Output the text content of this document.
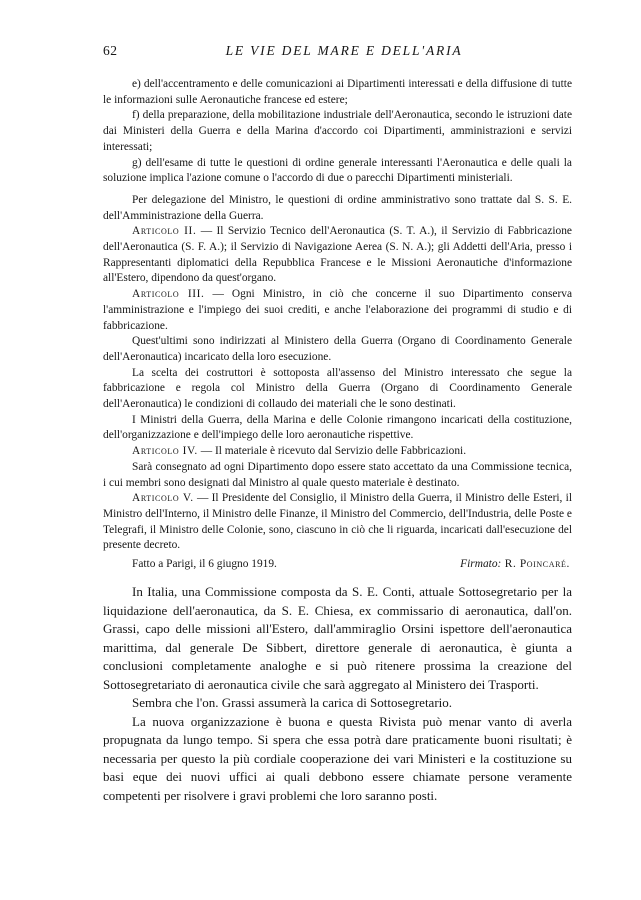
62	LE VIE DEL MARE E DELL'ARIA

e) dell'accentramento e delle comunicazioni ai Dipartimenti interessati e della diffusione di tutte le informazioni sulle Aeronautiche francese ed estere;

f) della preparazione, della mobilitazione industriale dell'Aeronautica, secondo le istruzioni date dai Ministeri della Guerra e della Marina d'accordo coi Dipartimenti, amministrazioni e servizi interessati;

g) dell'esame di tutte le questioni di ordine generale interessanti l'Aeronautica e delle quali la soluzione implica l'azione comune o l'accordo di due o parecchi Dipartimenti ministeriali.

Per delegazione del Ministro, le questioni di ordine amministrativo sono trattate dal S. S. E. dell'Amministrazione della Guerra.

Articolo II. — Il Servizio Tecnico dell'Aeronautica (S. T. A.), il Servizio di Fabbricazione dell'Aeronautica (S. F. A.); il Servizio di Navigazione Aerea (S. N. A.); gli Addetti dell'Aria, presso i Rappresentanti diplomatici della Repubblica Francese e le Missioni Aeronautiche d'informazione all'Estero, dipendono da quest'organo.

Articolo III. — Ogni Ministro, in ciò che concerne il suo Dipartimento conserva l'amministrazione e l'impiego dei suoi crediti, e anche l'elaborazione dei programmi di studio e di fabbricazione.

Quest'ultimi sono indirizzati al Ministero della Guerra (Organo di Coordinamento Generale dell'Aeronautica) incaricato della loro esecuzione.

La scelta dei costruttori è sottoposta all'assenso del Ministro interessato che segue la fabbricazione e regola col Ministro della Guerra (Organo di Coordinamento Generale dell'Aeronautica) le condizioni di collaudo dei materiali che le sono destinati.

I Ministri della Guerra, della Marina e delle Colonie rimangono incaricati della costituzione, dell'organizzazione e dell'impiego delle loro aeronautiche rispettive.

Articolo IV. — Il materiale è ricevuto dal Servizio delle Fabbricazioni.

Sarà consegnato ad ogni Dipartimento dopo essere stato accettato da una Commissione tecnica, i cui membri sono designati dal Ministro al quale questo materiale è destinato.

Articolo V. — Il Presidente del Consiglio, il Ministro della Guerra, il Ministro delle Esteri, il Ministro dell'Interno, il Ministro delle Finanze, il Ministro del Commercio, dell'Industria, delle Poste e Telegrafi, il Ministro delle Colonie, sono, ciascuno in ciò che li riguarda, incaricati dall'esecuzione del presente decreto.

Fatto a Parigi, il 6 giugno 1919.	Firmato: R. Poincaré.

In Italia, una Commissione composta da S. E. Conti, attuale Sottosegretario per la liquidazione dell'aeronautica, da S. E. Chiesa, ex commissario di aeronautica, dall'on. Grassi, capo delle missioni all'Estero, dall'ammiraglio Orsini ispettore dell'aeronautica marittima, dal generale De Sibbert, direttore generale di aeronautica, è giunta a conclusioni completamente analoghe e si può ritenere prossima la creazione del Sottosegretariato di aeronautica civile che sarà aggregato al Ministero dei Trasporti.

Sembra che l'on. Grassi assumerà la carica di Sottosegretario.

La nuova organizzazione è buona e questa Rivista può menar vanto di averla propugnata da lungo tempo. Si spera che essa potrà dare praticamente buoni risultati; è necessaria per questo la più cordiale cooperazione dei vari Ministeri e la costituzione su basi eque dei nuovi uffici ai quali debbono essere chiamate persone veramente competenti per risolvere i gravi problemi che loro saranno posti.
